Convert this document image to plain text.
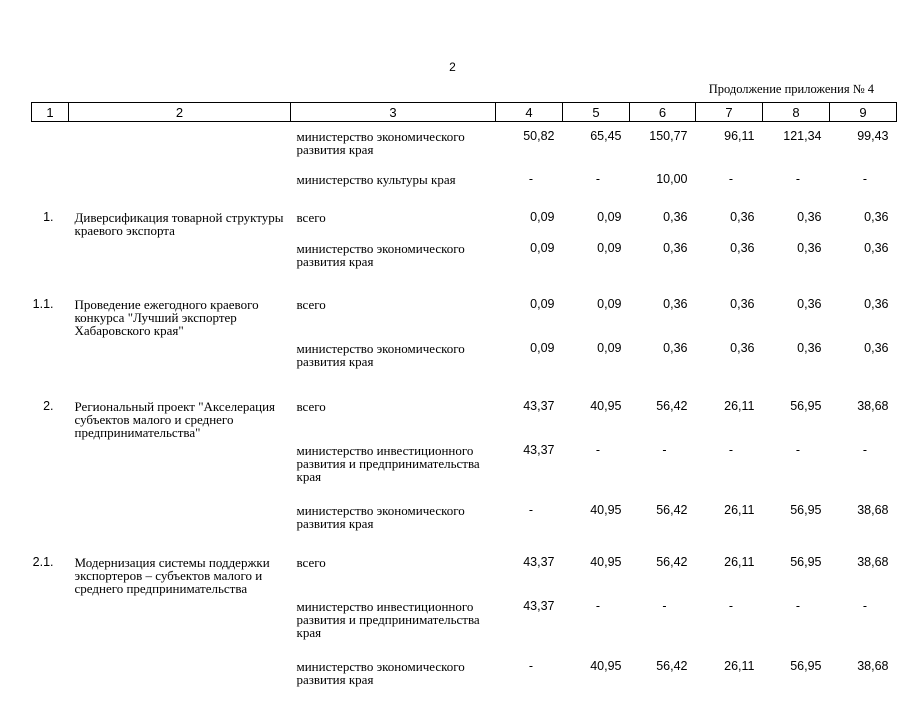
2
Продолжение приложения № 4
1	2	3	4	5	6	7	8	9
		министерство экономического развития края	50,82	65,45	150,77	96,11	121,34	99,43
		министерство культуры края	-	-	10,00	-	-	-
1.	Диверсификация товарной структуры краевого экспорта	всего	0,09	0,09	0,36	0,36	0,36	0,36
		министерство экономического развития края	0,09	0,09	0,36	0,36	0,36	0,36
1.1.	Проведение ежегодного краевого конкурса "Лучший экспортер Хабаровского края"	всего	0,09	0,09	0,36	0,36	0,36	0,36
		министерство экономического развития края	0,09	0,09	0,36	0,36	0,36	0,36
2.	Региональный проект "Акселерация субъектов малого и среднего предпринимательства"	всего	43,37	40,95	56,42	26,11	56,95	38,68
		министерство инвестиционного развития и предпринимательства края	43,37	-	-	-	-	-
		министерство экономического развития края	-	40,95	56,42	26,11	56,95	38,68
2.1.	Модернизация системы поддержки экспортеров – субъектов малого и среднего предпринимательства	всего	43,37	40,95	56,42	26,11	56,95	38,68
		министерство инвестиционного развития и предпринимательства края	43,37	-	-	-	-	-
		министерство экономического развития края	-	40,95	56,42	26,11	56,95	38,68
